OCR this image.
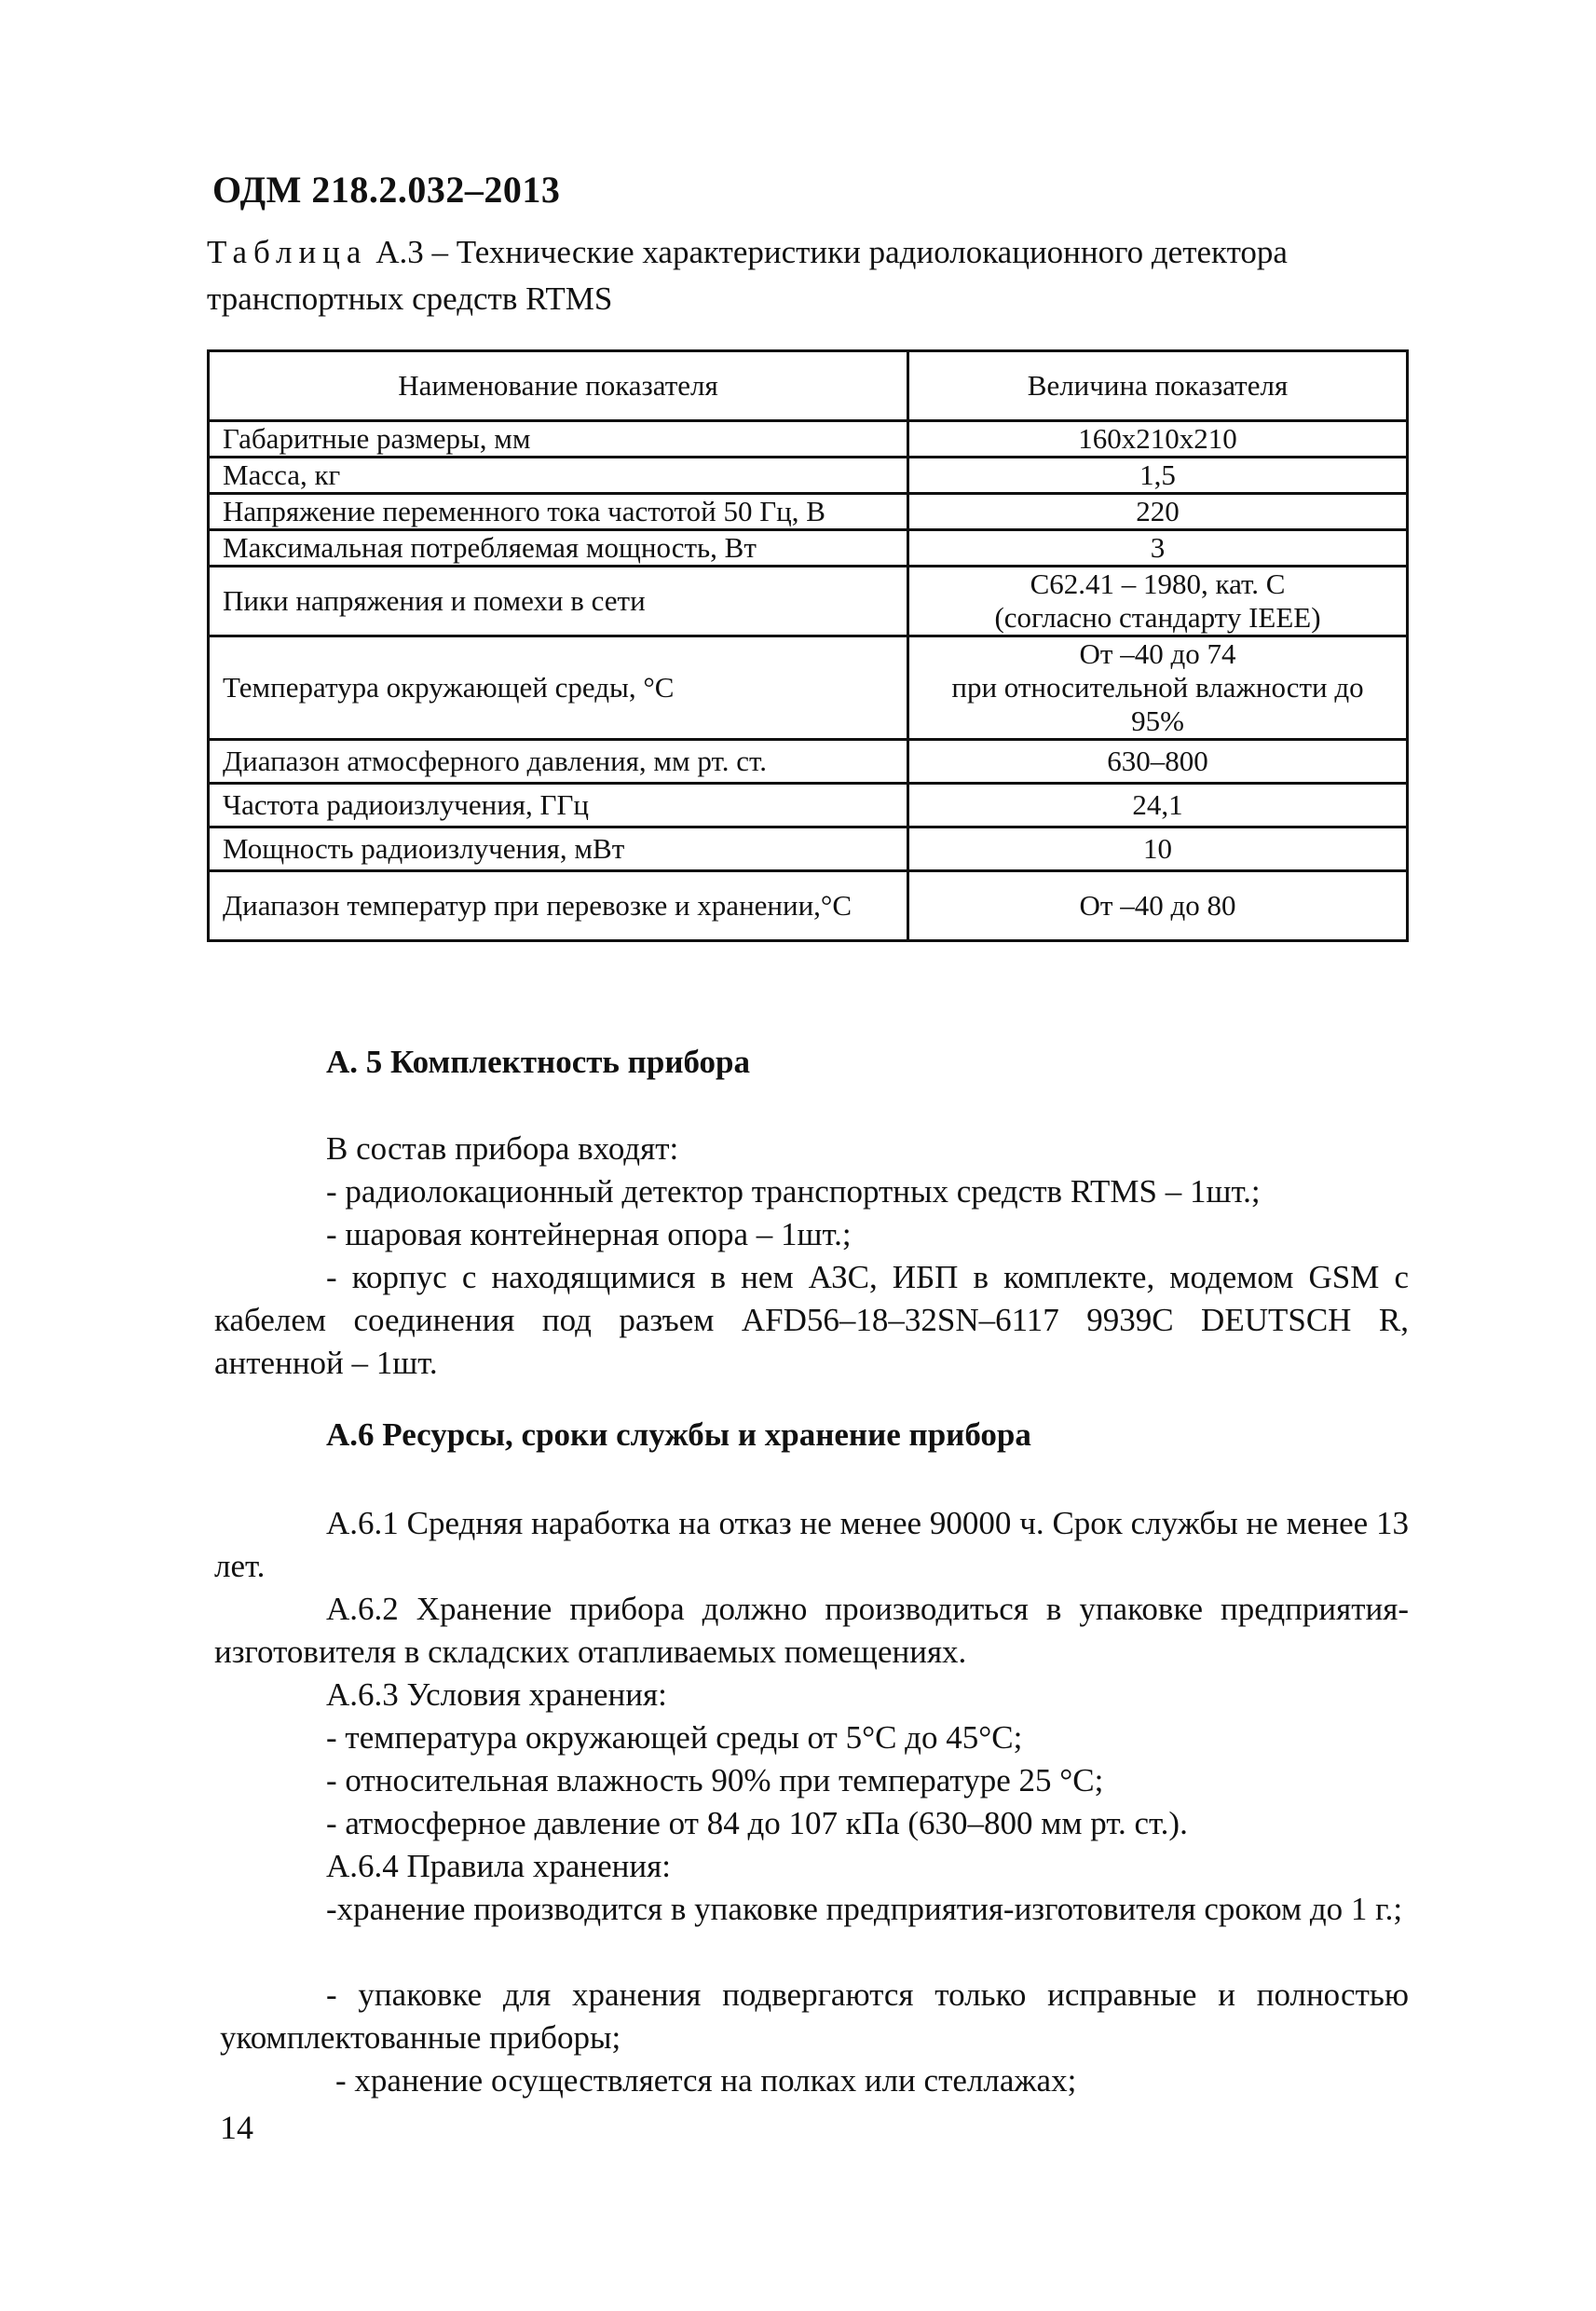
ОДМ 218.2.032–2013
Таблица А.3 – Технические характеристики радиолокационного детектора транспортных средств RTMS
Наименование показателя	Величина показателя
Габаритные размеры, мм	160x210x210
Масса, кг	1,5
Напряжение переменного тока частотой 50 Гц, В	220
Максимальная потребляемая мощность, Вт	3
Пики напряжения и помехи в сети	C62.41 – 1980, кат. С
(согласно стандарту IEEE)
Температура окружающей среды, °С	От –40 до 74
при относительной влажности до
95%
Диапазон атмосферного давления, мм рт. ст.	630–800
Частота радиоизлучения, ГГц	24,1
Мощность радиоизлучения, мВт	10
Диапазон температур при перевозке и хранении,°С	От –40 до 80
А. 5 Комплектность прибора
В состав прибора входят:
- радиолокационный детектор транспортных средств RTMS – 1шт.;
- шаровая контейнерная опора – 1шт.;
- корпус с находящимися в нем АЗС, ИБП в комплекте, модемом GSM с кабелем соединения под разъем AFD56–18–32SN–6117 9939C DEUTSCH R, антенной – 1шт.
А.6 Ресурсы, сроки службы и хранение прибора
А.6.1 Средняя наработка на отказ не менее 90000 ч. Срок службы не менее 13 лет.
А.6.2 Хранение прибора должно производиться в упаковке предприятия-изготовителя в складских отапливаемых помещениях.
А.6.3 Условия хранения:
- температура окружающей среды от 5°С до 45°С;
- относительная влажность 90% при температуре 25 °С;
- атмосферное давление от 84 до 107 кПа (630–800 мм рт. ст.).
А.6.4 Правила хранения:
-хранение производится в упаковке предприятия-изготовителя сроком до 1 г.;
- упаковке для хранения подвергаются только исправные и полностью укомплектованные приборы;
- хранение осуществляется на полках или стеллажах;
14
